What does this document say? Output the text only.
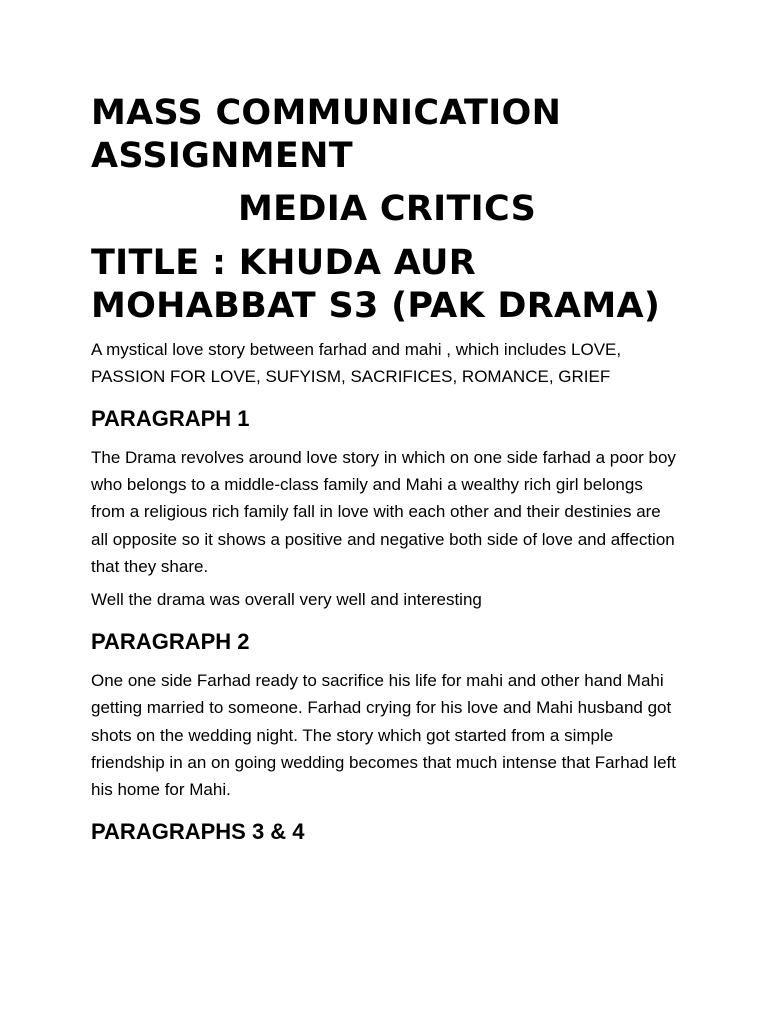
MASS COMMUNICATION
ASSIGNMENT
MEDIA CRITICS
TITLE : KHUDA AUR
MOHABBAT S3 (PAK DRAMA)

A mystical love story between farhad and mahi , which includes LOVE, PASSION FOR LOVE, SUFYISM, SACRIFICES, ROMANCE, GRIEF

PARAGRAPH 1

The Drama revolves around love story in which on one side farhad a poor boy who belongs to a middle-class family and Mahi a wealthy rich girl belongs from a religious rich family fall in love with each other and their destinies are all opposite so it shows a positive and negative both side of love and affection that they share.

Well the drama was overall very well and interesting

PARAGRAPH 2

One one side Farhad ready to sacrifice his life for mahi and other hand Mahi getting married to someone. Farhad crying for his love and Mahi husband got shots on the wedding night. The story which got started from a simple friendship in an on going wedding becomes that much intense that Farhad left his home for Mahi.

PARAGRAPHS 3 & 4
